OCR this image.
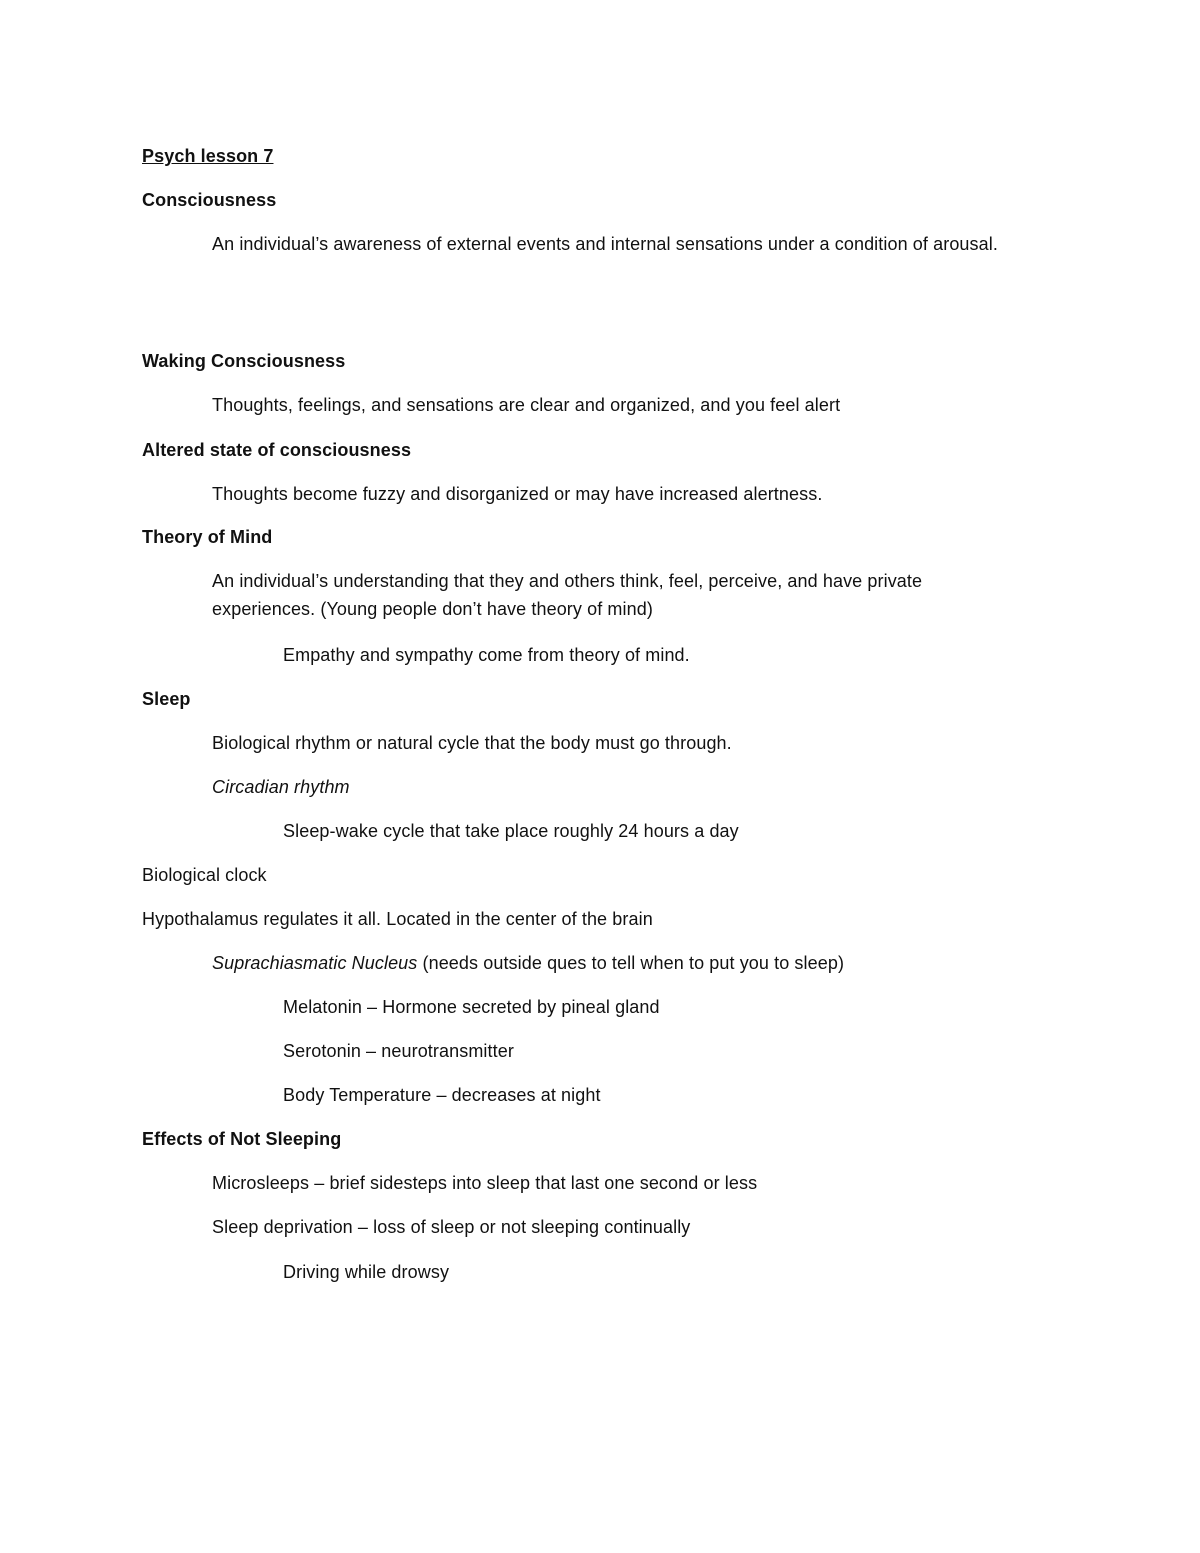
Psych lesson 7
Consciousness
An individual’s awareness of external events and internal sensations under a condition of arousal.
Waking Consciousness
Thoughts, feelings, and sensations are clear and organized, and you feel alert
Altered state of consciousness
Thoughts become fuzzy and disorganized or may have increased alertness.
Theory of Mind
An individual’s understanding that they and others think, feel, perceive, and have private experiences. (Young people don’t have theory of mind)
Empathy and sympathy come from theory of mind.
Sleep
Biological rhythm or natural cycle that the body must go through.
Circadian rhythm
Sleep-wake cycle that take place roughly 24 hours a day
Biological clock
Hypothalamus regulates it all. Located in the center of the brain
Suprachiasmatic Nucleus (needs outside ques to tell when to put you to sleep)
Melatonin – Hormone secreted by pineal gland
Serotonin – neurotransmitter
Body Temperature – decreases at night
Effects of Not Sleeping
Microsleeps – brief sidesteps into sleep that last one second or less
Sleep deprivation – loss of sleep or not sleeping continually
Driving while drowsy
